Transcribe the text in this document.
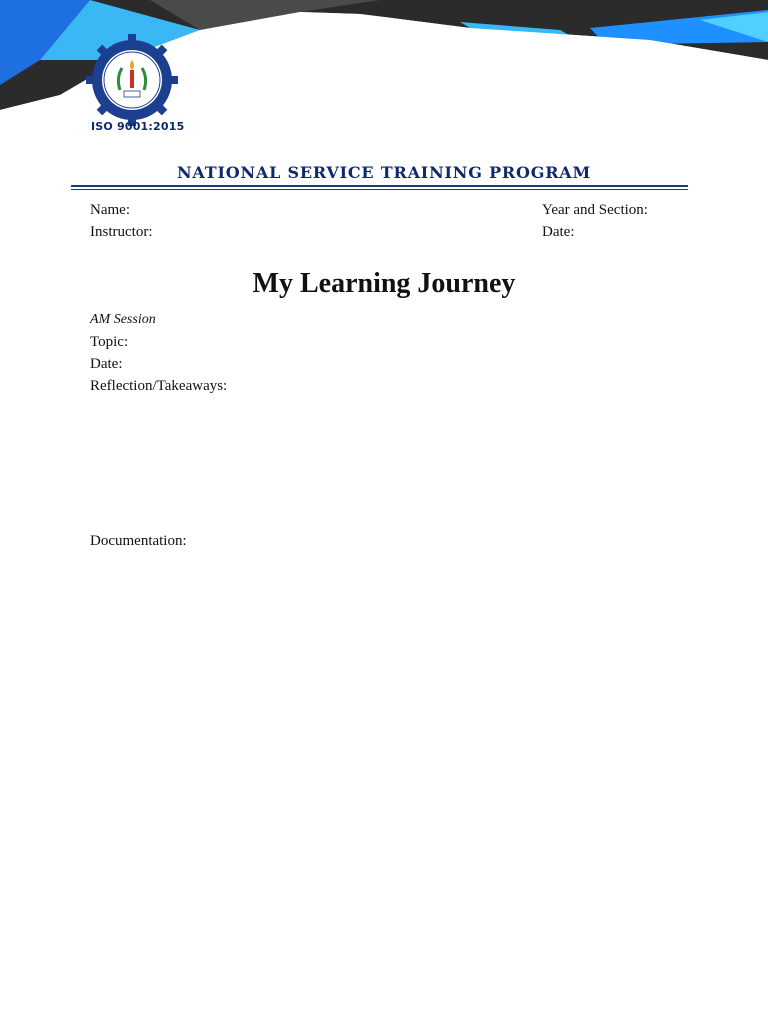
ISO 9001:2015
NATIONAL SERVICE TRAINING PROGRAM
Name:
Instructor:
Year and Section:
Date:
My Learning Journey
AM Session
Topic:
Date:
Reflection/Takeaways:
Documentation:
